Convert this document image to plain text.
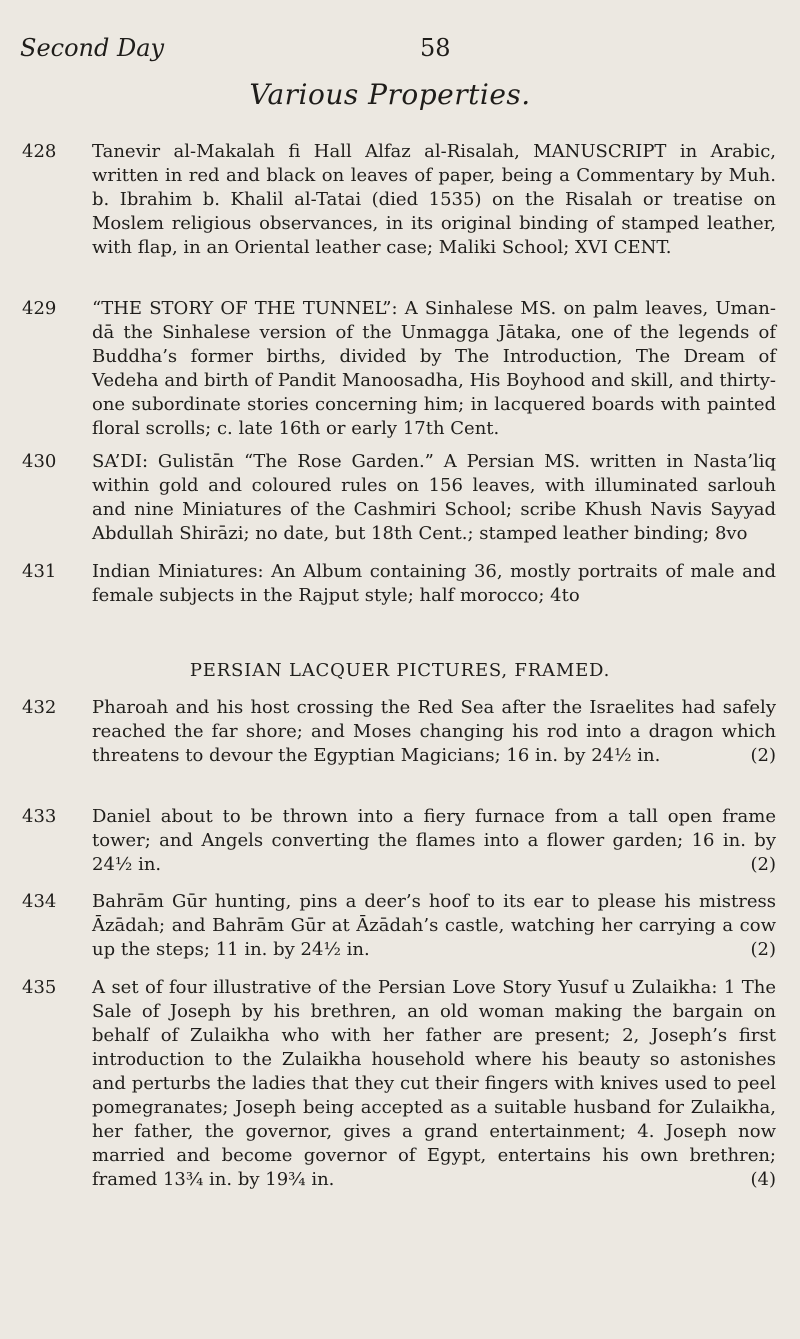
Second Day	58
Various Properties.
428	Tanevir al-Makalah fi Hall Alfaz al-Risalah, MANUSCRIPT in Arabic, written in red and black on leaves of paper, being a Commentary by Muh. b. Ibrahim b. Khalil al-Tatai (died 1535) on the Risalah or treatise on Moslem religious observances, in its original binding of stamped leather, with flap, in an Oriental leather case; Maliki School; XVI CENT.
429	“THE STORY OF THE TUNNEL”: A Sinhalese MS. on palm leaves, Uman-dā the Sinhalese version of the Unmagga Jātaka, one of the legends of Buddha’s former births, divided by The Introduction, The Dream of Vedeha and birth of Pandit Manoosadha, His Boyhood and skill, and thirty-one subordinate stories concerning him; in lacquered boards with painted floral scrolls; c. late 16th or early 17th Cent.
430	SA’DI: Gulistān “The Rose Garden.” A Persian MS. written in Nasta’liq within gold and coloured rules on 156 leaves, with illuminated sarlouh and nine Miniatures of the Cashmiri School; scribe Khush Navis Sayyad Abdullah Shirāzi; no date, but 18th Cent.; stamped leather binding; 8vo
431	Indian Miniatures: An Album containing 36, mostly portraits of male and female subjects in the Rajput style; half morocco; 4to
PERSIAN LACQUER PICTURES, FRAMED.
432	Pharoah and his host crossing the Red Sea after the Israelites had safely reached the far shore; and Moses changing his rod into a dragon which threatens to devour the Egyptian Magicians; 16 in. by 24½ in.	(2)
433	Daniel about to be thrown into a fiery furnace from a tall open frame tower; and Angels converting the flames into a flower garden; 16 in. by 24½ in.	(2)
434	Bahrām Gūr hunting, pins a deer’s hoof to its ear to please his mistress Āzādah; and Bahrām Gūr at Āzādah’s castle, watching her carrying a cow up the steps; 11 in. by 24½ in.	(2)
435	A set of four illustrative of the Persian Love Story Yusuf u Zulaikha: 1 The Sale of Joseph by his brethren, an old woman making the bargain on behalf of Zulaikha who with her father are present; 2, Joseph’s first introduction to the Zulaikha household where his beauty so astonishes and perturbs the ladies that they cut their fingers with knives used to peel pomegranates; Joseph being accepted as a suitable husband for Zulaikha, her father, the governor, gives a grand entertainment; 4. Joseph now married and become governor of Egypt, entertains his own brethren; framed 13¾ in. by 19¾ in.	(4)
